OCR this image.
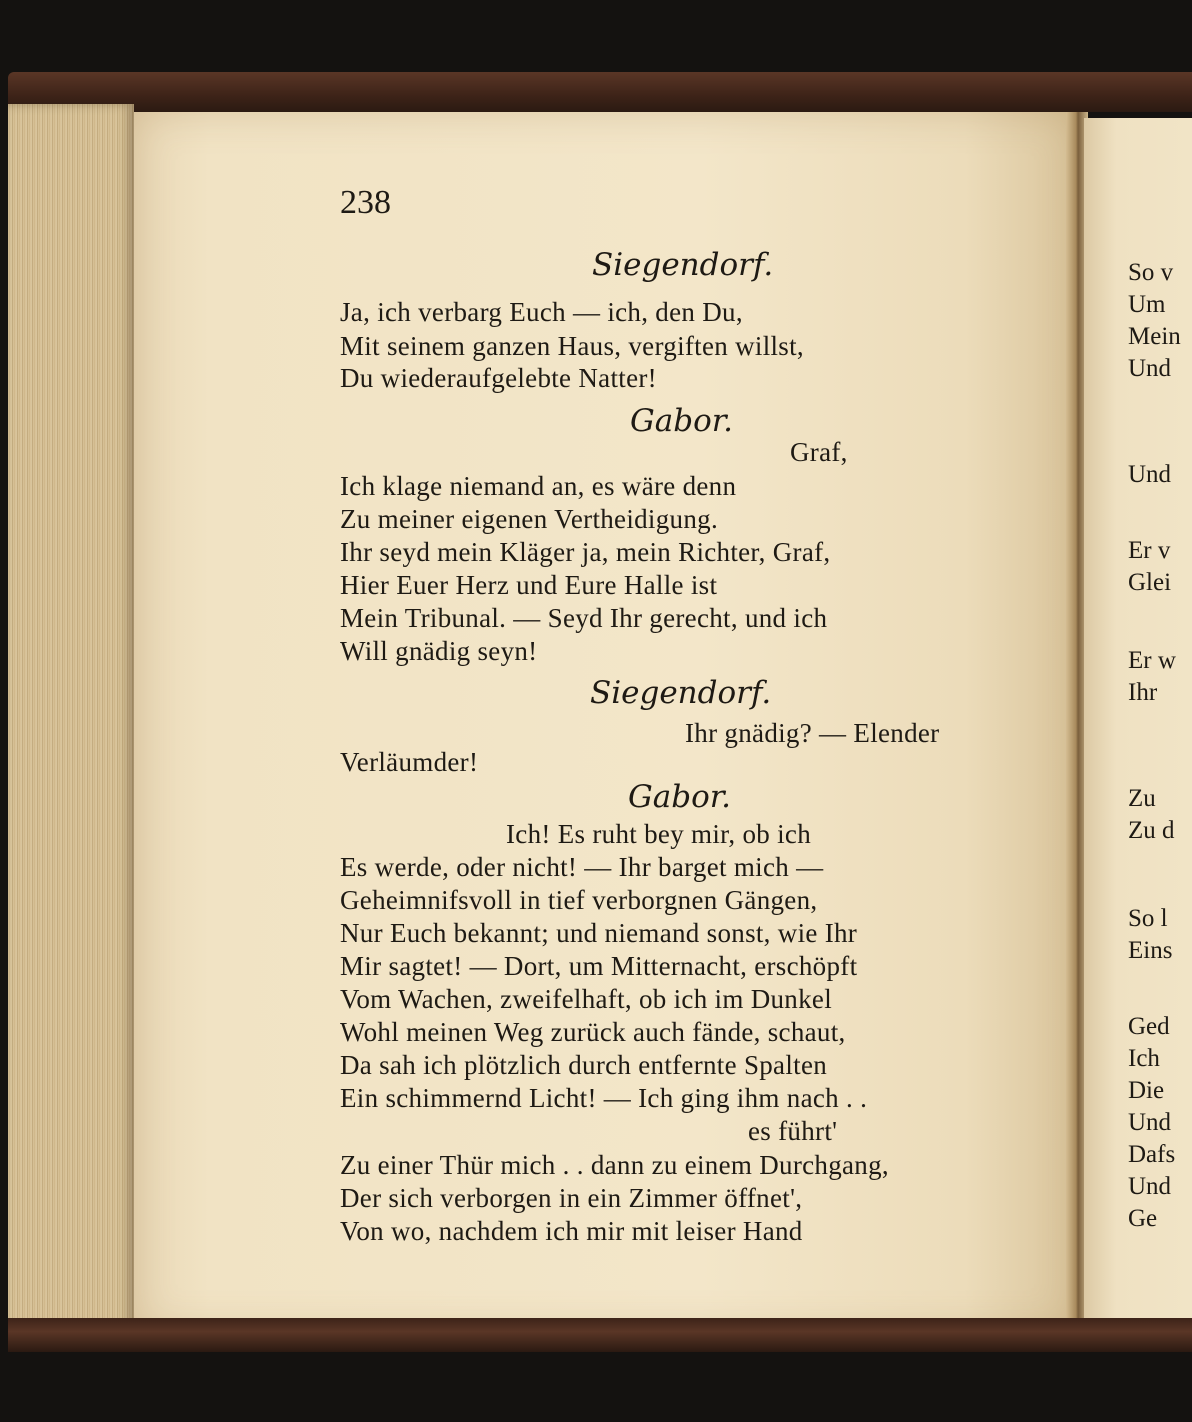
So v
Um
Mein
Und
Und
Er v
Glei
Er w
Ihr
Zu
Zu d
So l
Eins
Ged
Ich
Die
Und
Dafs
Und
Ge
238
Siegendorf.
Ja, ich verbarg Euch — ich, den Du,
Mit seinem ganzen Haus, vergiften willst,
Du wiederaufgelebte Natter!
Gabor.
Graf,
Ich klage niemand an, es wäre denn
Zu meiner eigenen Vertheidigung.
Ihr seyd mein Kläger ja, mein Richter, Graf,
Hier Euer Herz und Eure Halle ist
Mein Tribunal. — Seyd Ihr gerecht, und ich
Will gnädig seyn!
Siegendorf.
Ihr gnädig? — Elender
Verläumder!
Gabor.
Ich! Es ruht bey mir, ob ich
Es werde, oder nicht! — Ihr barget mich —
Geheimnifsvoll in tief verborgnen Gängen,
Nur Euch bekannt; und niemand sonst, wie Ihr
Mir sagtet! — Dort, um Mitternacht, erschöpft
Vom Wachen, zweifelhaft, ob ich im Dunkel
Wohl meinen Weg zurück auch fände, schaut,
Da sah ich plötzlich durch entfernte Spalten
Ein schimmernd Licht! — Ich ging ihm nach . .
es führt'
Zu einer Thür mich . . dann zu einem Durchgang,
Der sich verborgen in ein Zimmer öffnet',
Von wo, nachdem ich mir mit leiser Hand
